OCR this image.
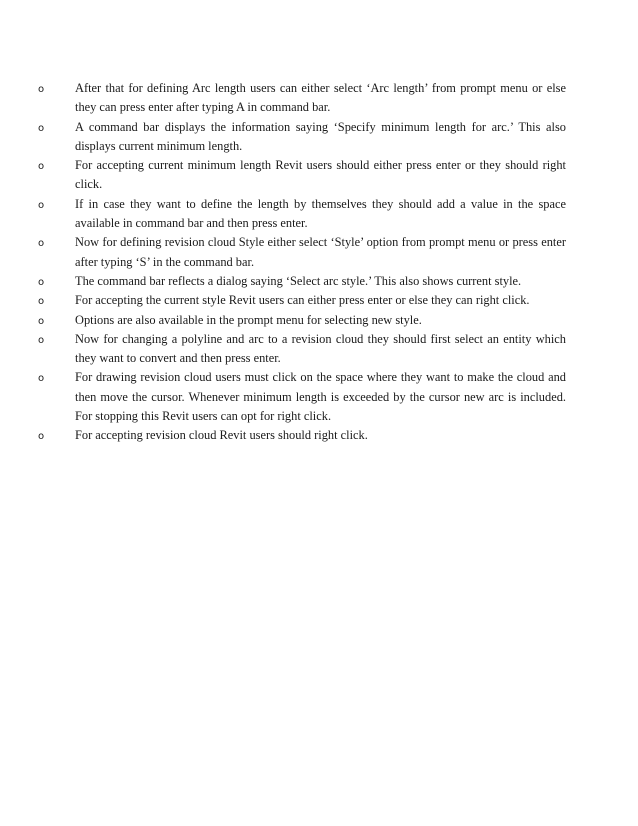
o After that for defining Arc length users can either select ‘Arc length’ from prompt menu or else they can press enter after typing A in command bar.
o A command bar displays the information saying ‘Specify minimum length for arc.’ This also displays current minimum length.
o For accepting current minimum length Revit users should either press enter or they should right click.
o If in case they want to define the length by themselves they should add a value in the space available in command bar and then press enter.
o Now for defining revision cloud Style either select ‘Style’ option from prompt menu or press enter after typing ‘S’ in the command bar.
o The command bar reflects a dialog saying ‘Select arc style.’ This also shows current style.
o For accepting the current style Revit users can either press enter or else they can right click.
o Options are also available in the prompt menu for selecting new style.
o Now for changing a polyline and arc to a revision cloud they should first select an entity which they want to convert and then press enter.
o For drawing revision cloud users must click on the space where they want to make the cloud and then move the cursor. Whenever minimum length is exceeded by the cursor new arc is included. For stopping this Revit users can opt for right click.
o For accepting revision cloud Revit users should right click.
